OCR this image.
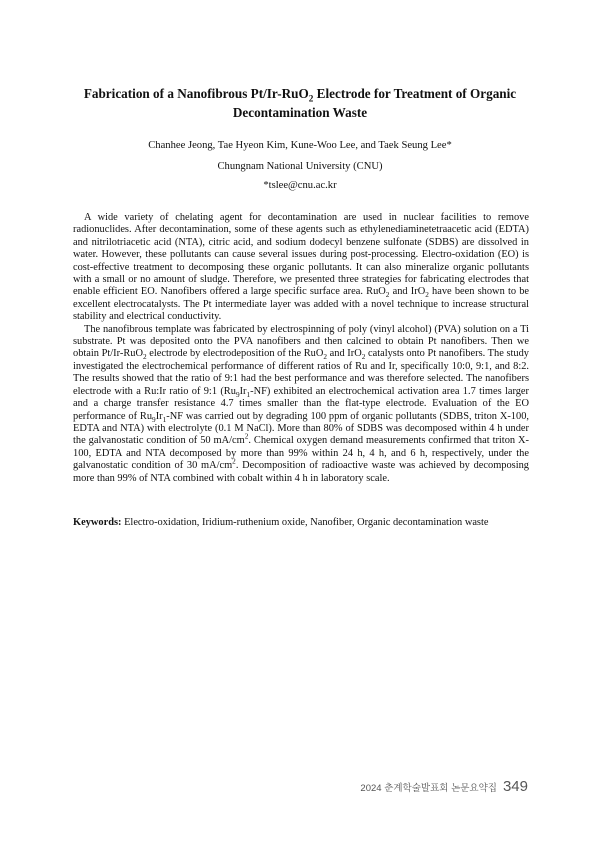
Fabrication of a Nanofibrous Pt/Ir-RuO$_2$ Electrode for Treatment of Organic
Decontamination Waste
Chanhee Jeong, Tae Hyeon Kim, Kune-Woo Lee, and Taek Seung Lee*
Chungnam National University (CNU)
*tslee@cnu.ac.kr

A wide variety of chelating agent for decontamination are used in nuclear facilities to remove radionuclides. After decontamination, some of these agents such as ethylenediaminetetraacetic acid (EDTA) and nitrilotriacetic acid (NTA), citric acid, and sodium dodecyl benzene sulfonate (SDBS) are dissolved in water. However, these pollutants can cause several issues during post-processing. Electro-oxidation (EO) is cost-effective treatment to decomposing these organic pollutants. It can also mineralize organic pollutants with a small or no amount of sludge. Therefore, we presented three strategies for fabricating electrodes that enable efficient EO. Nanofibers offered a large specific surface area. RuO$_2$ and IrO$_2$ have been shown to be excellent electrocatalysts. The Pt intermediate layer was added with a novel technique to increase structural stability and electrical conductivity.

The nanofibrous template was fabricated by electrospinning of poly (vinyl alcohol) (PVA) solution on a Ti substrate. Pt was deposited onto the PVA nanofibers and then calcined to obtain Pt nanofibers. Then we obtain Pt/Ir-RuO$_2$ electrode by electrodeposition of the RuO$_2$ and IrO$_2$ catalysts onto Pt nanofibers. The study investigated the electrochemical performance of different ratios of Ru and Ir, specifically 10:0, 9:1, and 8:2. The results showed that the ratio of 9:1 had the best performance and was therefore selected. The nanofibers electrode with a Ru:Ir ratio of 9:1 $(Ru_9Ir_1-NF)$ exhibited an electrochemical activation area 1.7 times larger and a charge transfer resistance 4.7 times smaller than the flat-type electrode. Evaluation of the EO performance of $Ru_9Ir_1-NF$ was carried out by degrading 100 ppm of organic pollutants (SDBS, triton X-100, EDTA and NTA) with electrolyte (0.1 M NaCl). More than 80% of SDBS was decomposed within 4 h under the galvanostatic condition of 50 $mA/cm^2$. Chemical oxygen demand measurements confirmed that triton X-100, EDTA and NTA decomposed by more than 99% within 24 h, 4 h, and 6 h, respectively, under the galvanostatic condition of 30 $mA/cm^2$. Decomposition of radioactive waste was achieved by decomposing more than 99% of NTA combined with cobalt within 4 h in laboratory scale.

Keywords: Electro-oxidation, Iridium-ruthenium oxide, Nanofiber, Organic decontamination waste
2024 춘계학술발표회 논문요약집 349
